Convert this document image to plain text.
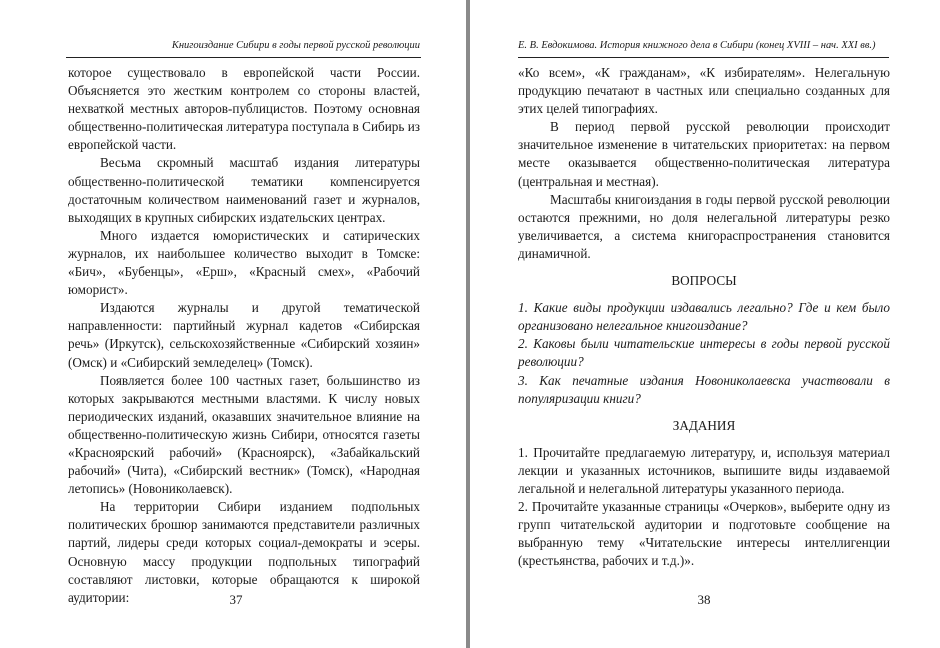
Книгоиздание Сибири в годы первой русской революции

которое существовало в европейской части России. Объясняется это жестким контролем со стороны властей, нехваткой местных авторов-публицистов. Поэтому основная общественно-политическая литература поступала в Сибирь из европейской части.

Весьма скромный масштаб издания литературы общественно-политической тематики компенсируется достаточным количеством наименований газет и журналов, выходящих в крупных сибирских издательских центрах.

Много издается юмористических и сатирических журналов, их наибольшее количество выходит в Томске: «Бич», «Бубенцы», «Ерш», «Красный смех», «Рабочий юморист».

Издаются журналы и другой тематической направленности: партийный журнал кадетов «Сибирская речь» (Иркутск), сельскохозяйственные «Сибирский хозяин» (Омск) и «Сибирский земледелец» (Томск).

Появляется более 100 частных газет, большинство из которых закрываются местными властями. К числу новых периодических изданий, оказавших значительное влияние на общественно-политическую жизнь Сибири, относятся газеты «Красноярский рабочий» (Красноярск), «Забайкальский рабочий» (Чита), «Сибирский вестник» (Томск), «Народная летопись» (Новониколаевск).

На территории Сибири изданием подпольных политических брошюр занимаются представители различных партий, лидеры среди которых социал-демократы и эсеры. Основную массу продукции подпольных типографий составляют листовки, которые обращаются к широкой аудитории:	37
Е. В. Евдокимова. История книжного дела в Сибири (конец XVIII – нач. XXI вв.)

«Ко всем», «К гражданам», «К избирателям». Нелегальную продукцию печатают в частных или специально созданных для этих целей типографиях.

В период первой русской революции происходит значительное изменение в читательских приоритетах: на первом месте оказывается общественно-политическая литература (центральная и местная).

Масштабы книгоиздания в годы первой русской революции остаются прежними, но доля нелегальной литературы резко увеличивается, а система книгораспространения становится динамичной.

ВОПРОСЫ

1. Какие виды продукции издавались легально? Где и кем было организовано нелегальное книгоиздание?

2. Каковы были читательские интересы в годы первой русской революции?

3. Как печатные издания Новониколаевска участвовали в популяризации книги?

ЗАДАНИЯ

1. Прочитайте предлагаемую литературу, и, используя материал лекции и указанных источников, выпишите виды издаваемой легальной и нелегальной литературы указанного периода.

2. Прочитайте указанные страницы «Очерков», выберите одну из групп читательской аудитории и подготовьте сообщение на выбранную тему «Читательские интересы интеллигенции (крестьянства, рабочих и т.д.)».

38
